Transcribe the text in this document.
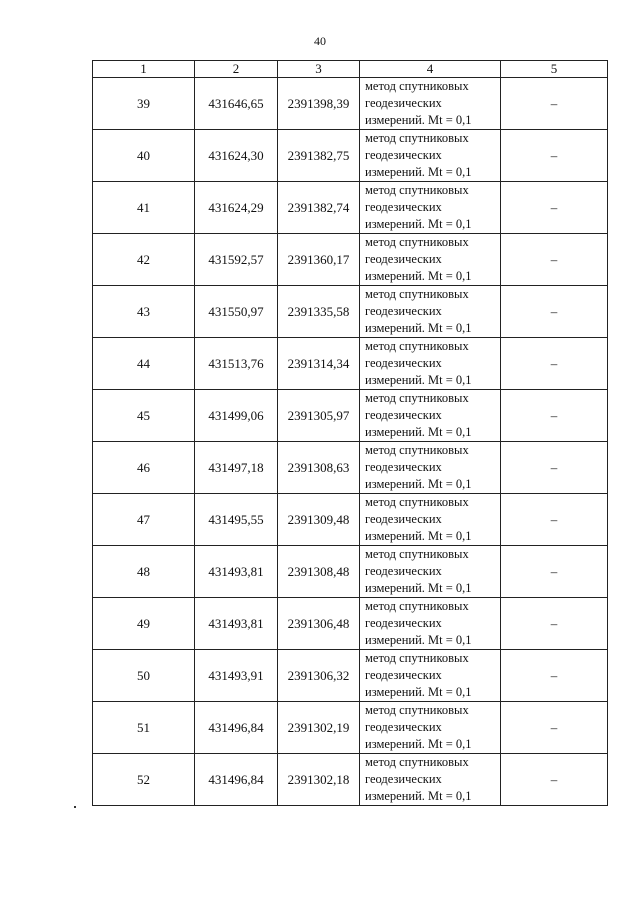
40
1	2	3	4	5
39	431646,65	2391398,39	метод спутниковых
геодезических
измерений. Mt = 0,1	–
40	431624,30	2391382,75	метод спутниковых
геодезических
измерений. Mt = 0,1	–
41	431624,29	2391382,74	метод спутниковых
геодезических
измерений. Mt = 0,1	–
42	431592,57	2391360,17	метод спутниковых
геодезических
измерений. Mt = 0,1	–
43	431550,97	2391335,58	метод спутниковых
геодезических
измерений. Mt = 0,1	–
44	431513,76	2391314,34	метод спутниковых
геодезических
измерений. Mt = 0,1	–
45	431499,06	2391305,97	метод спутниковых
геодезических
измерений. Mt = 0,1	–
46	431497,18	2391308,63	метод спутниковых
геодезических
измерений. Mt = 0,1	–
47	431495,55	2391309,48	метод спутниковых
геодезических
измерений. Mt = 0,1	–
48	431493,81	2391308,48	метод спутниковых
геодезических
измерений. Mt = 0,1	–
49	431493,81	2391306,48	метод спутниковых
геодезических
измерений. Mt = 0,1	–
50	431493,91	2391306,32	метод спутниковых
геодезических
измерений. Mt = 0,1	–
51	431496,84	2391302,19	метод спутниковых
геодезических
измерений. Mt = 0,1	–
52	431496,84	2391302,18	метод спутниковых
геодезических
измерений. Mt = 0,1	–
